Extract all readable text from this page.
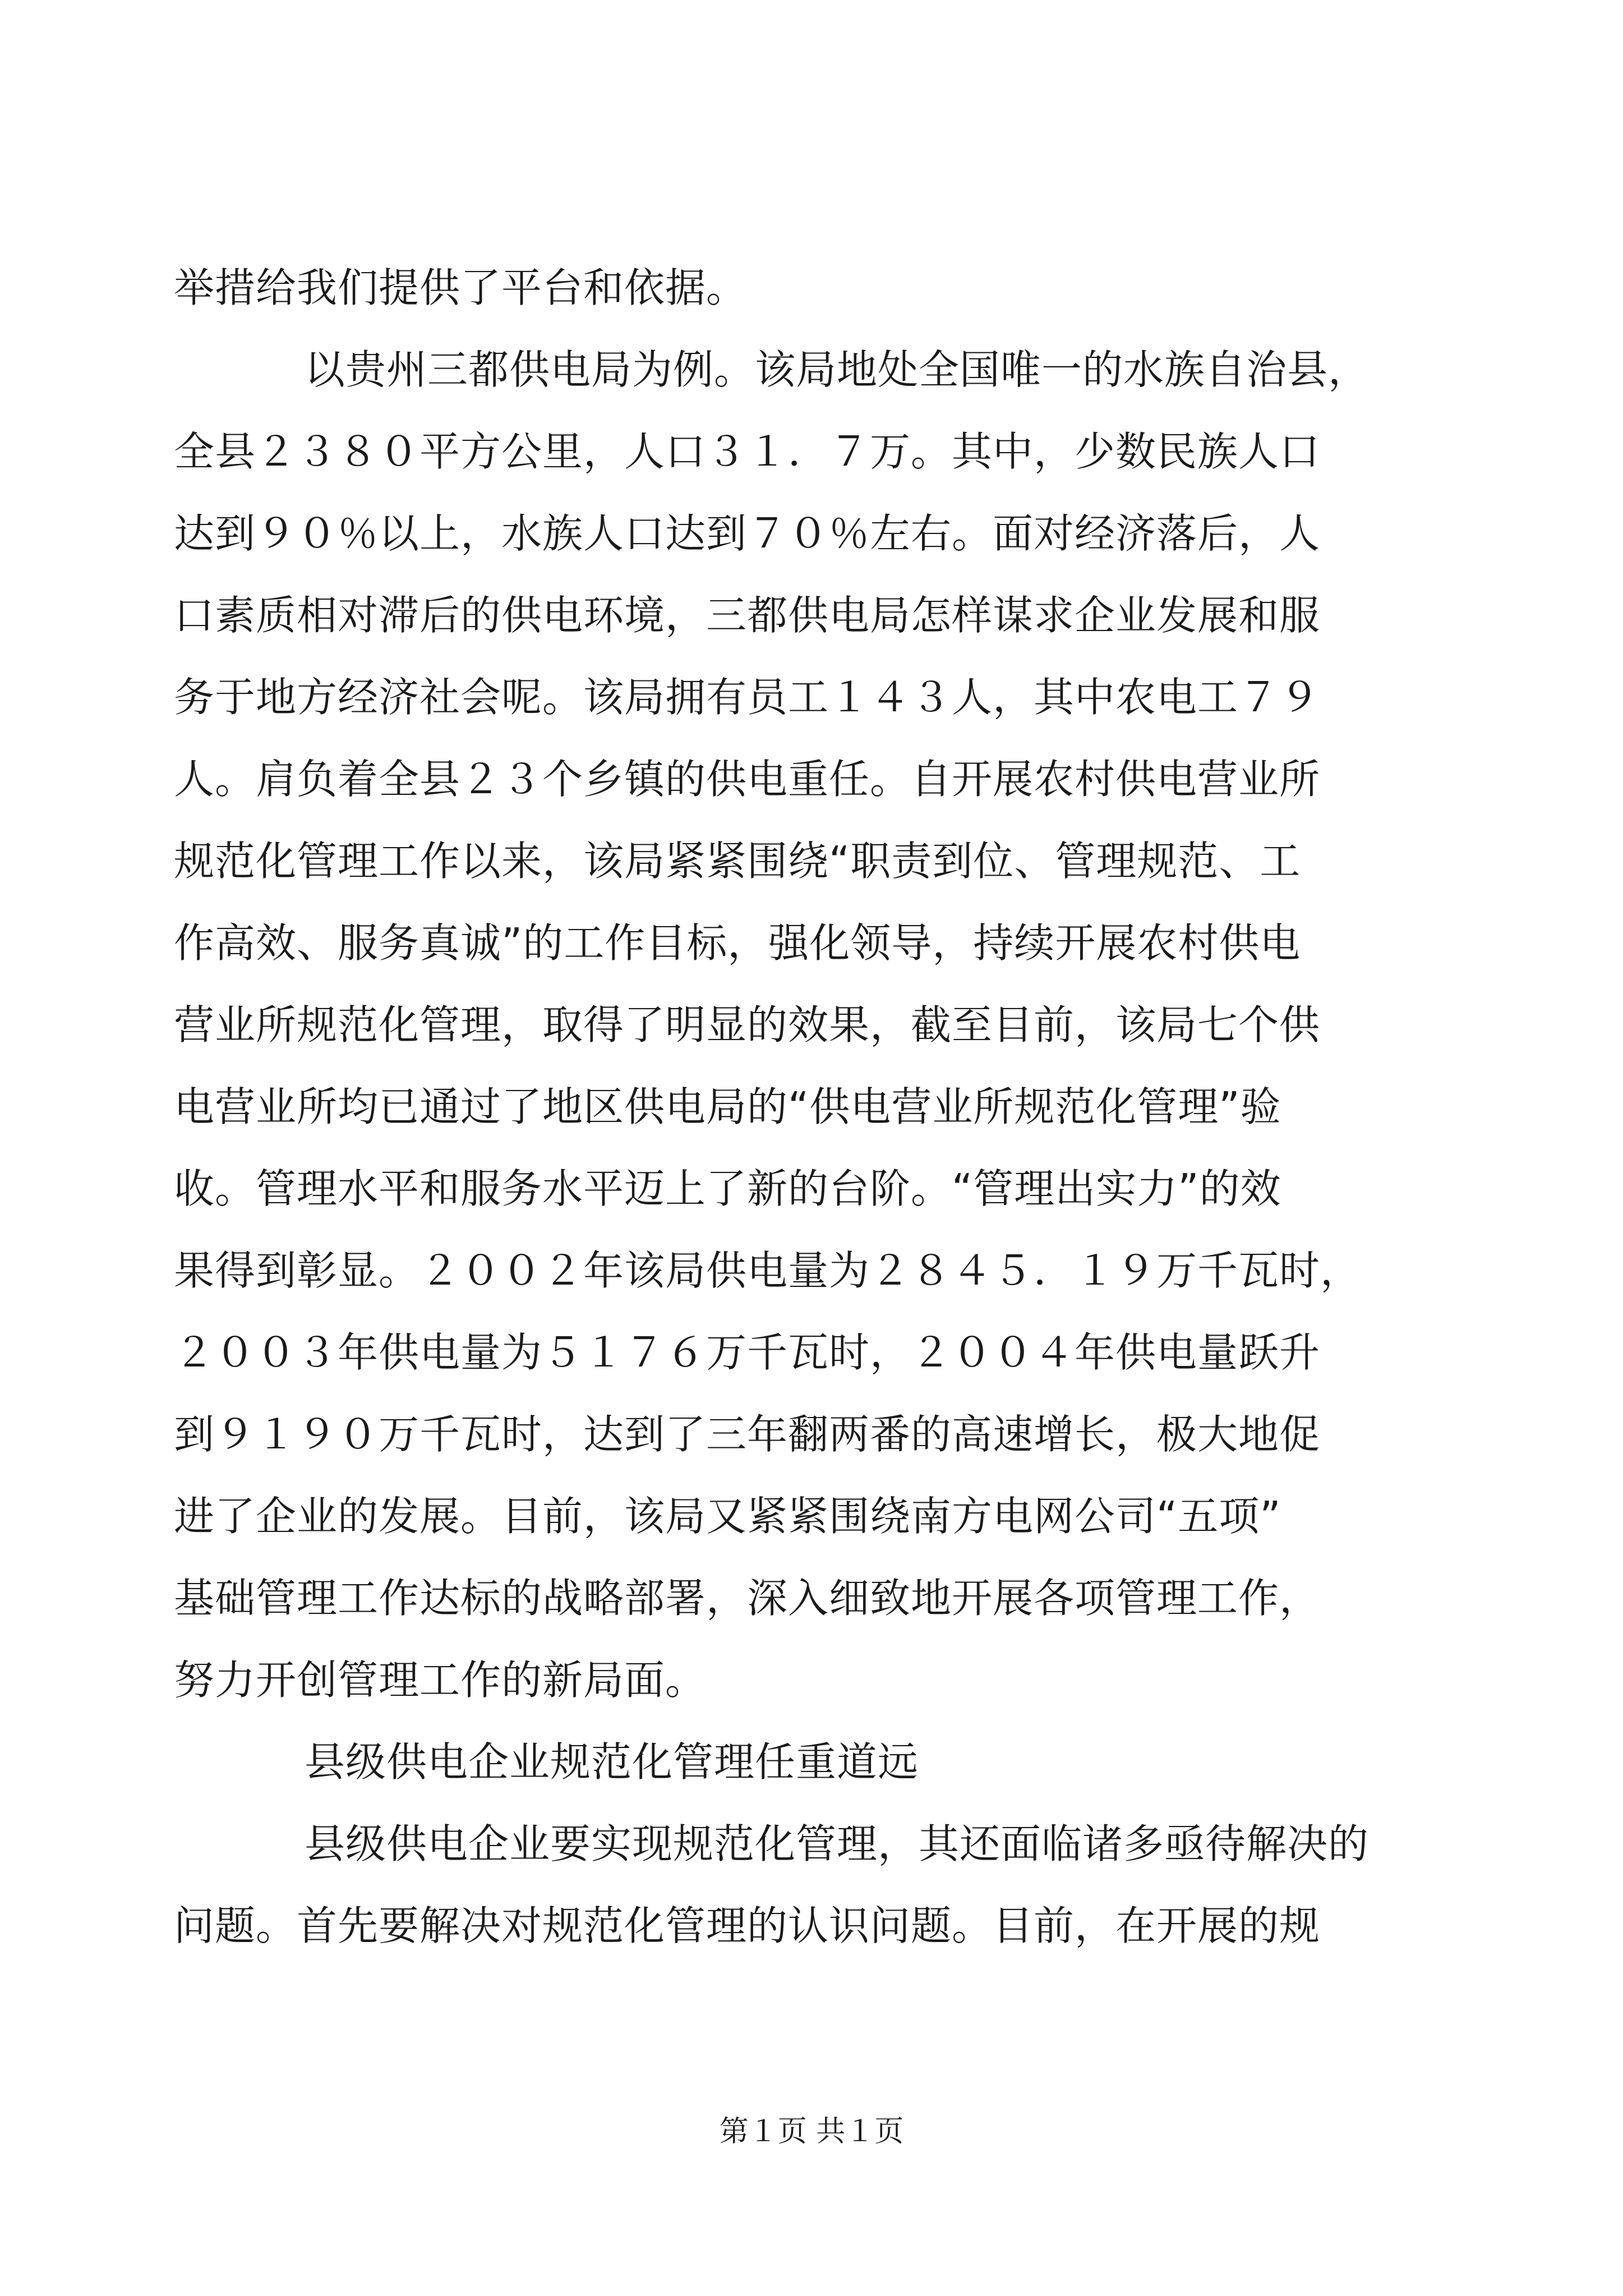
举措给我们提供了平台和依据。
以贵州三都供电局为例。该局地处全国唯一的水族自治县，
全县２３８０平方公里，人口３１．７万。其中，少数民族人口
达到９０％以上，水族人口达到７０％左右。面对经济落后，人
口素质相对滞后的供电环境，三都供电局怎样谋求企业发展和服
务于地方经济社会呢。该局拥有员工１４３人，其中农电工７９
人。肩负着全县２３个乡镇的供电重任。自开展农村供电营业所
规范化管理工作以来，该局紧紧围绕“职责到位、管理规范、工
作高效、服务真诚”的工作目标，强化领导，持续开展农村供电
营业所规范化管理，取得了明显的效果，截至目前，该局七个供
电营业所均已通过了地区供电局的“供电营业所规范化管理”验
收。管理水平和服务水平迈上了新的台阶。“管理出实力”的效
果得到彰显。２００２年该局供电量为２８４５．１９万千瓦时，
２００３年供电量为５１７６万千瓦时，２００４年供电量跃升
到９１９０万千瓦时，达到了三年翻两番的高速增长，极大地促
进了企业的发展。目前，该局又紧紧围绕南方电网公司“五项”
基础管理工作达标的战略部署，深入细致地开展各项管理工作，
努力开创管理工作的新局面。
县级供电企业规范化管理任重道远
县级供电企业要实现规范化管理，其还面临诸多亟待解决的
问题。首先要解决对规范化管理的认识问题。目前，在开展的规
第１页 共１页
